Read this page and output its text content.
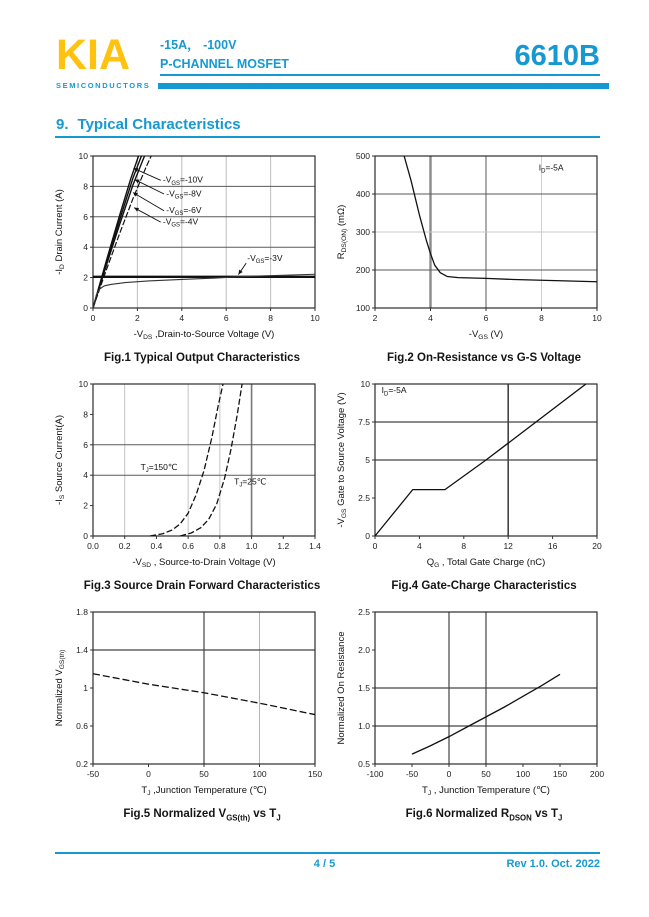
KIA
SEMICONDUCTORS
-15A， -100V
P-CHANNEL MOSFET	6610B
9. Typical Characteristics
0	2	4	6	8	10
0
2
4
6
8
10
$-V_{GS}=-10V$
$-V_{GS}=-8V$
$-V_{GS}=-6V$
$-V_{GS}=-4V$
$-V_{GS}=-3V$
$-V_{DS}$ ,Drain-to-Source Voltage (V)
$-I_D$ Drain Current (A)
Fig.1 Typical Output Characteristics
2	4	6	8	10
100
200
300
400
500
$I_D=-5A$
$-V_{GS}$ (V)
$R_{DS(ON)}$ (mΩ)
Fig.2 On-Resistance vs G-S Voltage
0.0 0.2 0.4 0.6 0.8 1.0 1.2 1.4
0
2
4
6
8
10
$T_J=150℃$
$T_J=25℃$
$-V_{SD}$ , Source-to-Drain Voltage (V)
$-I_S$ Source Current(A)
Fig.3 Source Drain Forward Characteristics
0	4	8	12	16	20
0
2.5
5
7.5
10
$I_D=-5A$
$Q_G$ , Total Gate Charge (nC)
$-V_{GS}$ Gate to Source Voltage (V)
Fig.4 Gate-Charge Characteristics
-50	0	50	100	150
0.2
0.6
1
1.4
1.8
$T_J$ ,Junction Temperature (℃)
Normalized $V_{GS(th)}$
Fig.5 Normalized $V_{GS(th)}$ vs $T_J$
-100	-50	0	50	100	150	200
0.5
1.0
1.5
2.0
2.5
$T_J$ , Junction Temperature (℃)
Normalized On Resistance
Fig.6 Normalized $R_{DSON}$ vs $T_J$
4 / 5	Rev 1.0. Oct. 2022
